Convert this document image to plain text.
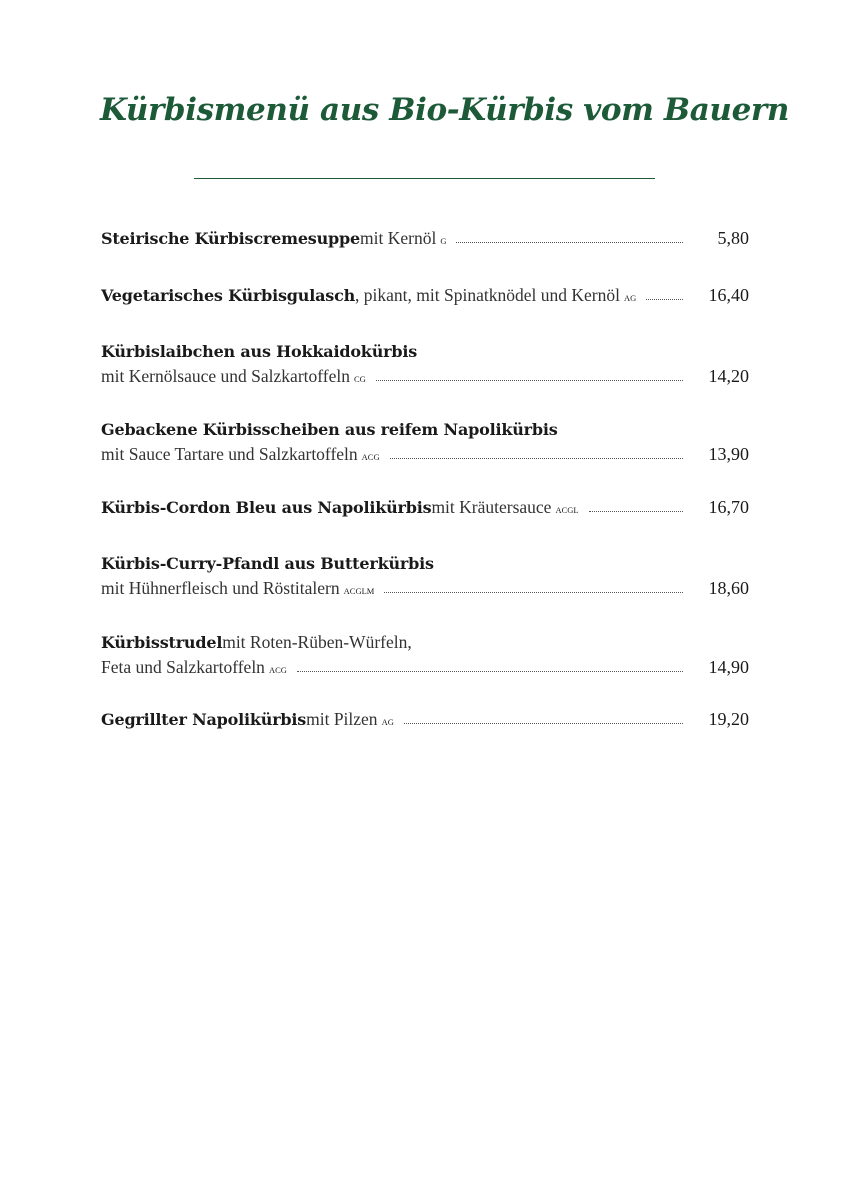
Kürbismenü aus Bio-Kürbis vom Bauern
Steirische Kürbiscremesuppe mit Kernöl G	5,80
Vegetarisches Kürbisgulasch , pikant, mit Spinatknödel und Kernöl AG	16,40
Kürbislaibchen aus Hokkaidokürbis
mit Kernölsauce und Salzkartoffeln CG	14,20
Gebackene Kürbisscheiben aus reifem Napolikürbis
mit Sauce Tartare und Salzkartoffeln ACG	13,90
Kürbis-Cordon Bleu aus Napolikürbis mit Kräutersauce ACGL	16,70
Kürbis-Curry-Pfandl aus Butterkürbis
mit Hühnerfleisch und Röstitalern ACGLM	18,60
Kürbisstrudel mit Roten-Rüben-Würfeln,
Feta und Salzkartoffeln ACG	14,90
Gegrillter Napolikürbis mit Pilzen AG	19,20
